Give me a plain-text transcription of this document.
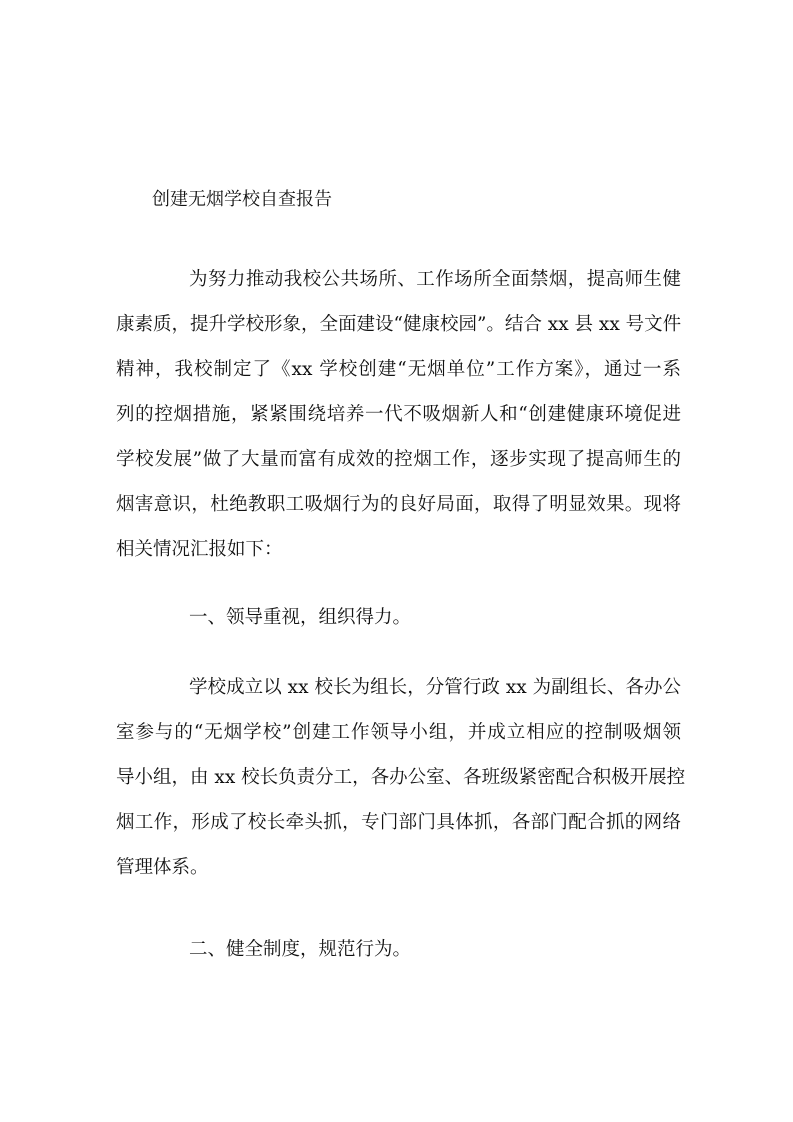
创建无烟学校自查报告
为努力推动我校公共场所、工作场所全面禁烟，提高师生健
康素质，提升学校形象，全面建设“健康校园”。结合 xx 县 xx 号文件
精神，我校制定了《xx 学校创建“无烟单位”工作方案》，通过一系
列的控烟措施，紧紧围绕培养一代不吸烟新人和“创建健康环境促进
学校发展”做了大量而富有成效的控烟工作，逐步实现了提高师生的
烟害意识，杜绝教职工吸烟行为的良好局面，取得了明显效果。现将
相关情况汇报如下：
一、领导重视，组织得力。
学校成立以 xx 校长为组长，分管行政 xx 为副组长、各办公
室参与的“无烟学校”创建工作领导小组，并成立相应的控制吸烟领
导小组，由 xx 校长负责分工，各办公室、各班级紧密配合积极开展控
烟工作，形成了校长牵头抓，专门部门具体抓，各部门配合抓的网络
管理体系。
二、健全制度，规范行为。
